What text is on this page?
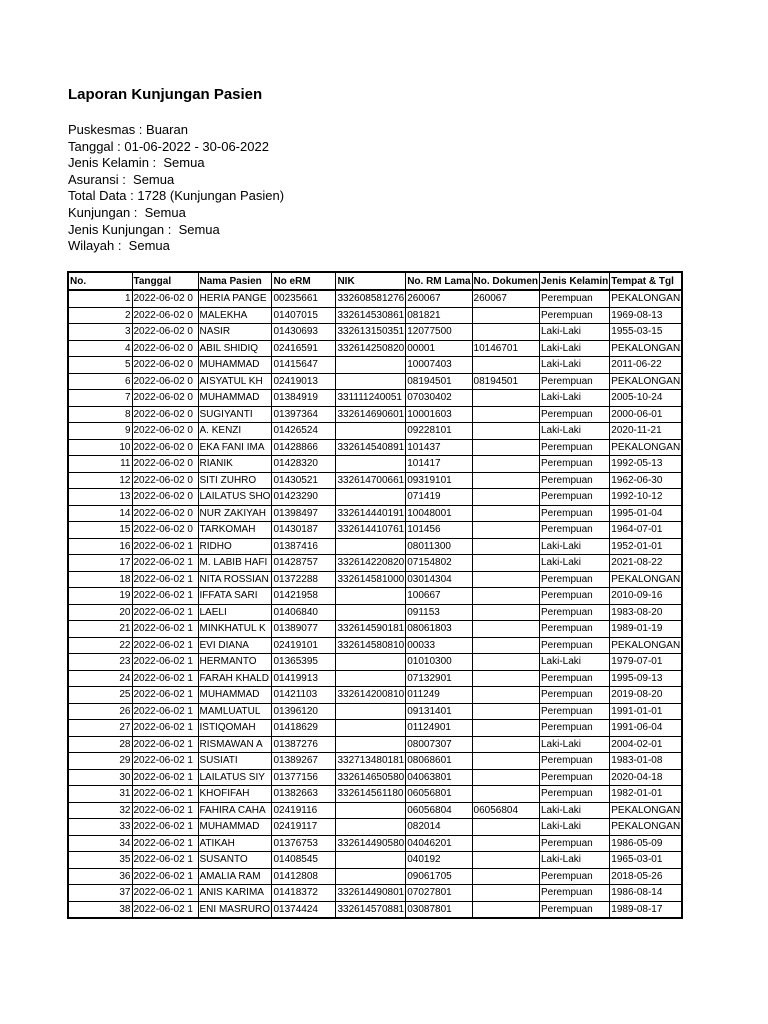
Laporan Kunjungan Pasien
Puskesmas : Buaran
Tanggal : 01-06-2022 - 30-06-2022
Jenis Kelamin :  Semua
Asuransi :  Semua
Total Data : 1728 (Kunjungan Pasien)
Kunjungan :  Semua
Jenis Kunjungan :  Semua
Wilayah :  Semua
No.	Tanggal	Nama Pasien	No eRM	NIK	No. RM Lama	No. Dokumen	Jenis Kelamin	Tempat & Tgl
1	2022-06-02 0	HERIA PANGE	00235661	332608581276	260067	260067	Perempuan	PEKALONGAN
2	2022-06-02 0	MALEKHA	01407015	332614530861	081821		Perempuan	1969-08-13
3	2022-06-02 0	NASIR	01430693	332613150351	12077500		Laki-Laki	1955-03-15
4	2022-06-02 0	ABIL SHIDIQ	02416591	332614250820	00001	10146701	Laki-Laki	PEKALONGAN
5	2022-06-02 0	MUHAMMAD	01415647		10007403		Laki-Laki	2011-06-22
6	2022-06-02 0	AISYATUL KH	02419013		08194501	08194501	Perempuan	PEKALONGAN
7	2022-06-02 0	MUHAMMAD	01384919	331111240051	07030402		Laki-Laki	2005-10-24
8	2022-06-02 0	SUGIYANTI	01397364	332614690601	10001603		Perempuan	2000-06-01
9	2022-06-02 0	A. KENZI	01426524		09228101		Laki-Laki	2020-11-21
10	2022-06-02 0	EKA FANI IMA	01428866	332614540891	101437		Perempuan	PEKALONGAN
11	2022-06-02 0	RIANIK	01428320		101417		Perempuan	1992-05-13
12	2022-06-02 0	SITI ZUHRO	01430521	332614700661	09319101		Perempuan	1962-06-30
13	2022-06-02 0	LAILATUS SHO	01423290		071419		Perempuan	1992-10-12
14	2022-06-02 0	NUR ZAKIYAH	01398497	332614440191	10048001		Perempuan	1995-01-04
15	2022-06-02 0	TARKOMAH	01430187	332614410761	101456		Perempuan	1964-07-01
16	2022-06-02 1	RIDHO	01387416		08011300		Laki-Laki	1952-01-01
17	2022-06-02 1	M. LABIB HAFI	01428757	332614220820	07154802		Laki-Laki	2021-08-22
18	2022-06-02 1	NITA ROSSIAN	01372288	332614581000	03014304		Perempuan	PEKALONGAN
19	2022-06-02 1	IFFATA SARI	01421958		100667		Perempuan	2010-09-16
20	2022-06-02 1	LAELI	01406840		091153		Perempuan	1983-08-20
21	2022-06-02 1	MINKHATUL K	01389077	332614590181	08061803		Perempuan	1989-01-19
22	2022-06-02 1	EVI DIANA	02419101	332614580810	00033		Perempuan	PEKALONGAN
23	2022-06-02 1	HERMANTO	01365395		01010300		Laki-Laki	1979-07-01
24	2022-06-02 1	FARAH KHALD	01419913		07132901		Perempuan	1995-09-13
25	2022-06-02 1	MUHAMMAD	01421103	332614200810	011249		Perempuan	2019-08-20
26	2022-06-02 1	MAMLUATUL	01396120		09131401		Perempuan	1991-01-01
27	2022-06-02 1	ISTIQOMAH	01418629		01124901		Perempuan	1991-06-04
28	2022-06-02 1	RISMAWAN A	01387276		08007307		Laki-Laki	2004-02-01
29	2022-06-02 1	SUSIATI	01389267	332713480181	08068601		Perempuan	1983-01-08
30	2022-06-02 1	LAILATUS SIY	01377156	332614650580	04063801		Perempuan	2020-04-18
31	2022-06-02 1	KHOFIFAH	01382663	332614561180	06056801		Perempuan	1982-01-01
32	2022-06-02 1	FAHIRA CAHA	02419116		06056804	06056804	Laki-Laki	PEKALONGAN
33	2022-06-02 1	MUHAMMAD	02419117		082014		Laki-Laki	PEKALONGAN
34	2022-06-02 1	ATIKAH	01376753	332614490580	04046201		Perempuan	1986-05-09
35	2022-06-02 1	SUSANTO	01408545		040192		Laki-Laki	1965-03-01
36	2022-06-02 1	AMALIA RAM	01412808		09061705		Perempuan	2018-05-26
37	2022-06-02 1	ANIS KARIMA	01418372	332614490801	07027801		Perempuan	1986-08-14
38	2022-06-02 1	ENI MASRURO	01374424	332614570881	03087801		Perempuan	1989-08-17
